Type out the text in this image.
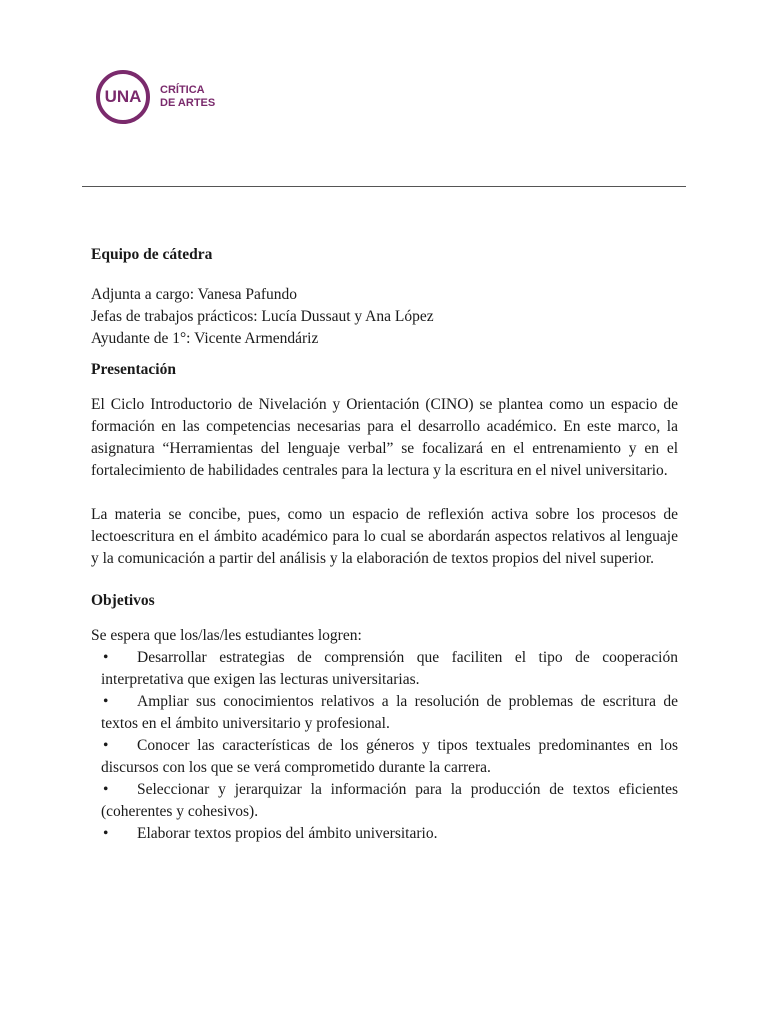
UNA CRÍTICA
DE ARTES

Equipo de cátedra

Adjunta a cargo: Vanesa Pafundo

Jefas de trabajos prácticos: Lucía Dussaut y Ana López

Ayudante de 1°: Vicente Armendáriz

Presentación

El Ciclo Introductorio de Nivelación y Orientación (CINO) se plantea como un espacio de formación en las competencias necesarias para el desarrollo académico. En este marco, la asignatura “Herramientas del lenguaje verbal” se focalizará en el entrenamiento y en el fortalecimiento de habilidades centrales para la lectura y la escritura en el nivel universitario.

La materia se concibe, pues, como un espacio de reflexión activa sobre los procesos de lectoescritura en el ámbito académico para lo cual se abordarán aspectos relativos al lenguaje y la comunicación a partir del análisis y la elaboración de textos propios del nivel superior.

Objetivos

Se espera que los/las/les estudiantes logren:

• Desarrollar estrategias de comprensión que faciliten el tipo de cooperación interpretativa que exigen las lecturas universitarias.
• Ampliar sus conocimientos relativos a la resolución de problemas de escritura de textos en el ámbito universitario y profesional.
• Conocer las características de los géneros y tipos textuales predominantes en los discursos con los que se verá comprometido durante la carrera.
• Seleccionar y jerarquizar la información para la producción de textos eficientes (coherentes y cohesivos).
• Elaborar textos propios del ámbito universitario.
